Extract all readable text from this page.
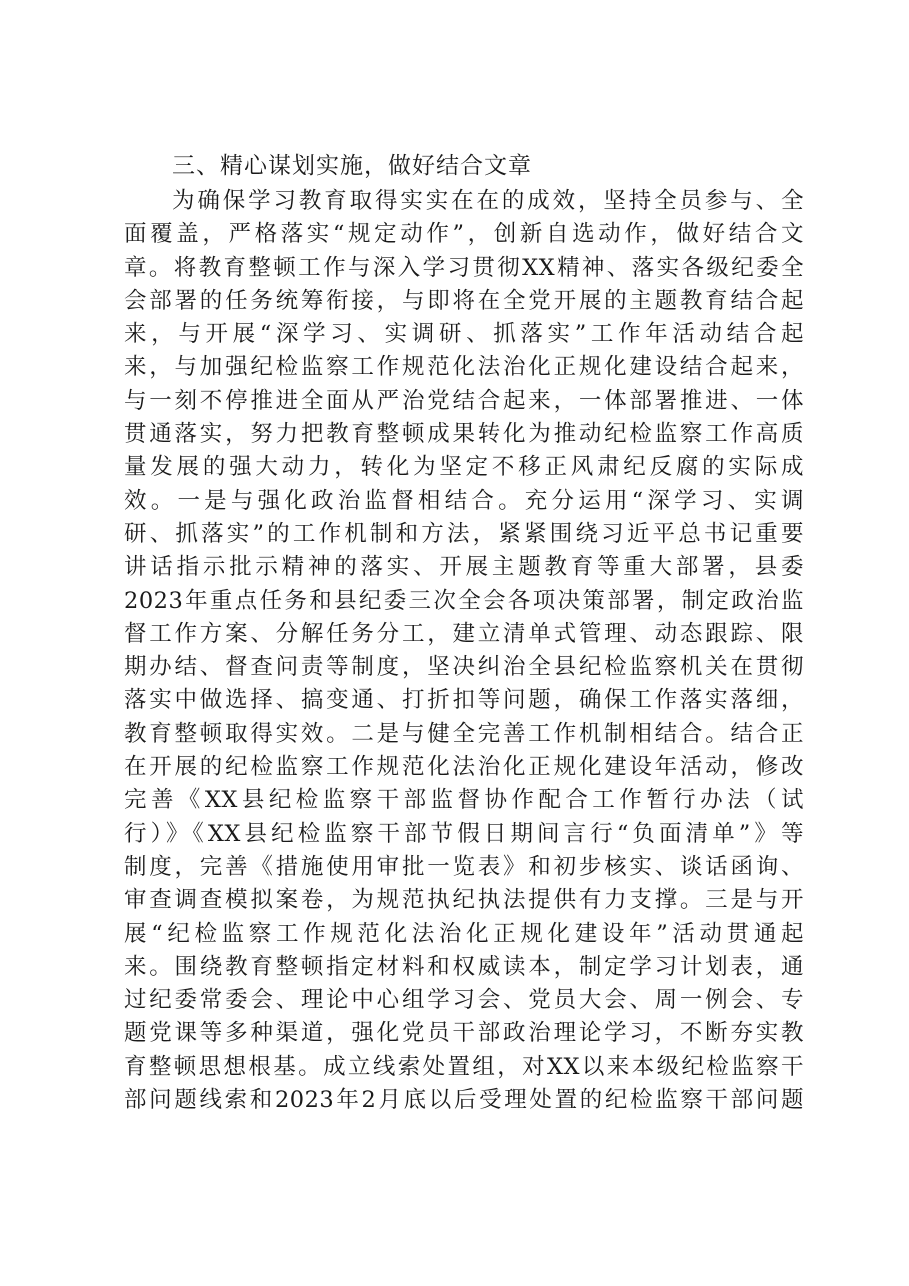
三、精心谋划实施，做好结合文章
为确保学习教育取得实实在在的成效，坚持全员参与、全
面覆盖，严格落实“规定动作”，创新自选动作，做好结合文
章。将教育整顿工作与深入学习贯彻XX精神、落实各级纪委全
会部署的任务统筹衔接，与即将在全党开展的主题教育结合起
来，与开展“深学习、实调研、抓落实”工作年活动结合起
来，与加强纪检监察工作规范化法治化正规化建设结合起来，
与一刻不停推进全面从严治党结合起来，一体部署推进、一体
贯通落实，努力把教育整顿成果转化为推动纪检监察工作高质
量发展的强大动力，转化为坚定不移正风肃纪反腐的实际成
效。一是与强化政治监督相结合。充分运用“深学习、实调
研、抓落实”的工作机制和方法，紧紧围绕习近平总书记重要
讲话指示批示精神的落实、开展主题教育等重大部署，县委
2023年重点任务和县纪委三次全会各项决策部署，制定政治监
督工作方案、分解任务分工，建立清单式管理、动态跟踪、限
期办结、督查问责等制度，坚决纠治全县纪检监察机关在贯彻
落实中做选择、搞变通、打折扣等问题，确保工作落实落细，
教育整顿取得实效。二是与健全完善工作机制相结合。结合正
在开展的纪检监察工作规范化法治化正规化建设年活动，修改
完善《XX县纪检监察干部监督协作配合工作暂行办法（试
行）》《XX县纪检监察干部节假日期间言行“负面清单”》等
制度，完善《措施使用审批一览表》和初步核实、谈话函询、
审查调查模拟案卷，为规范执纪执法提供有力支撑。三是与开
展“纪检监察工作规范化法治化正规化建设年”活动贯通起
来。围绕教育整顿指定材料和权威读本，制定学习计划表，通
过纪委常委会、理论中心组学习会、党员大会、周一例会、专
题党课等多种渠道，强化党员干部政治理论学习，不断夯实教
育整顿思想根基。成立线索处置组，对XX以来本级纪检监察干
部问题线索和2023年2月底以后受理处置的纪检监察干部问题
